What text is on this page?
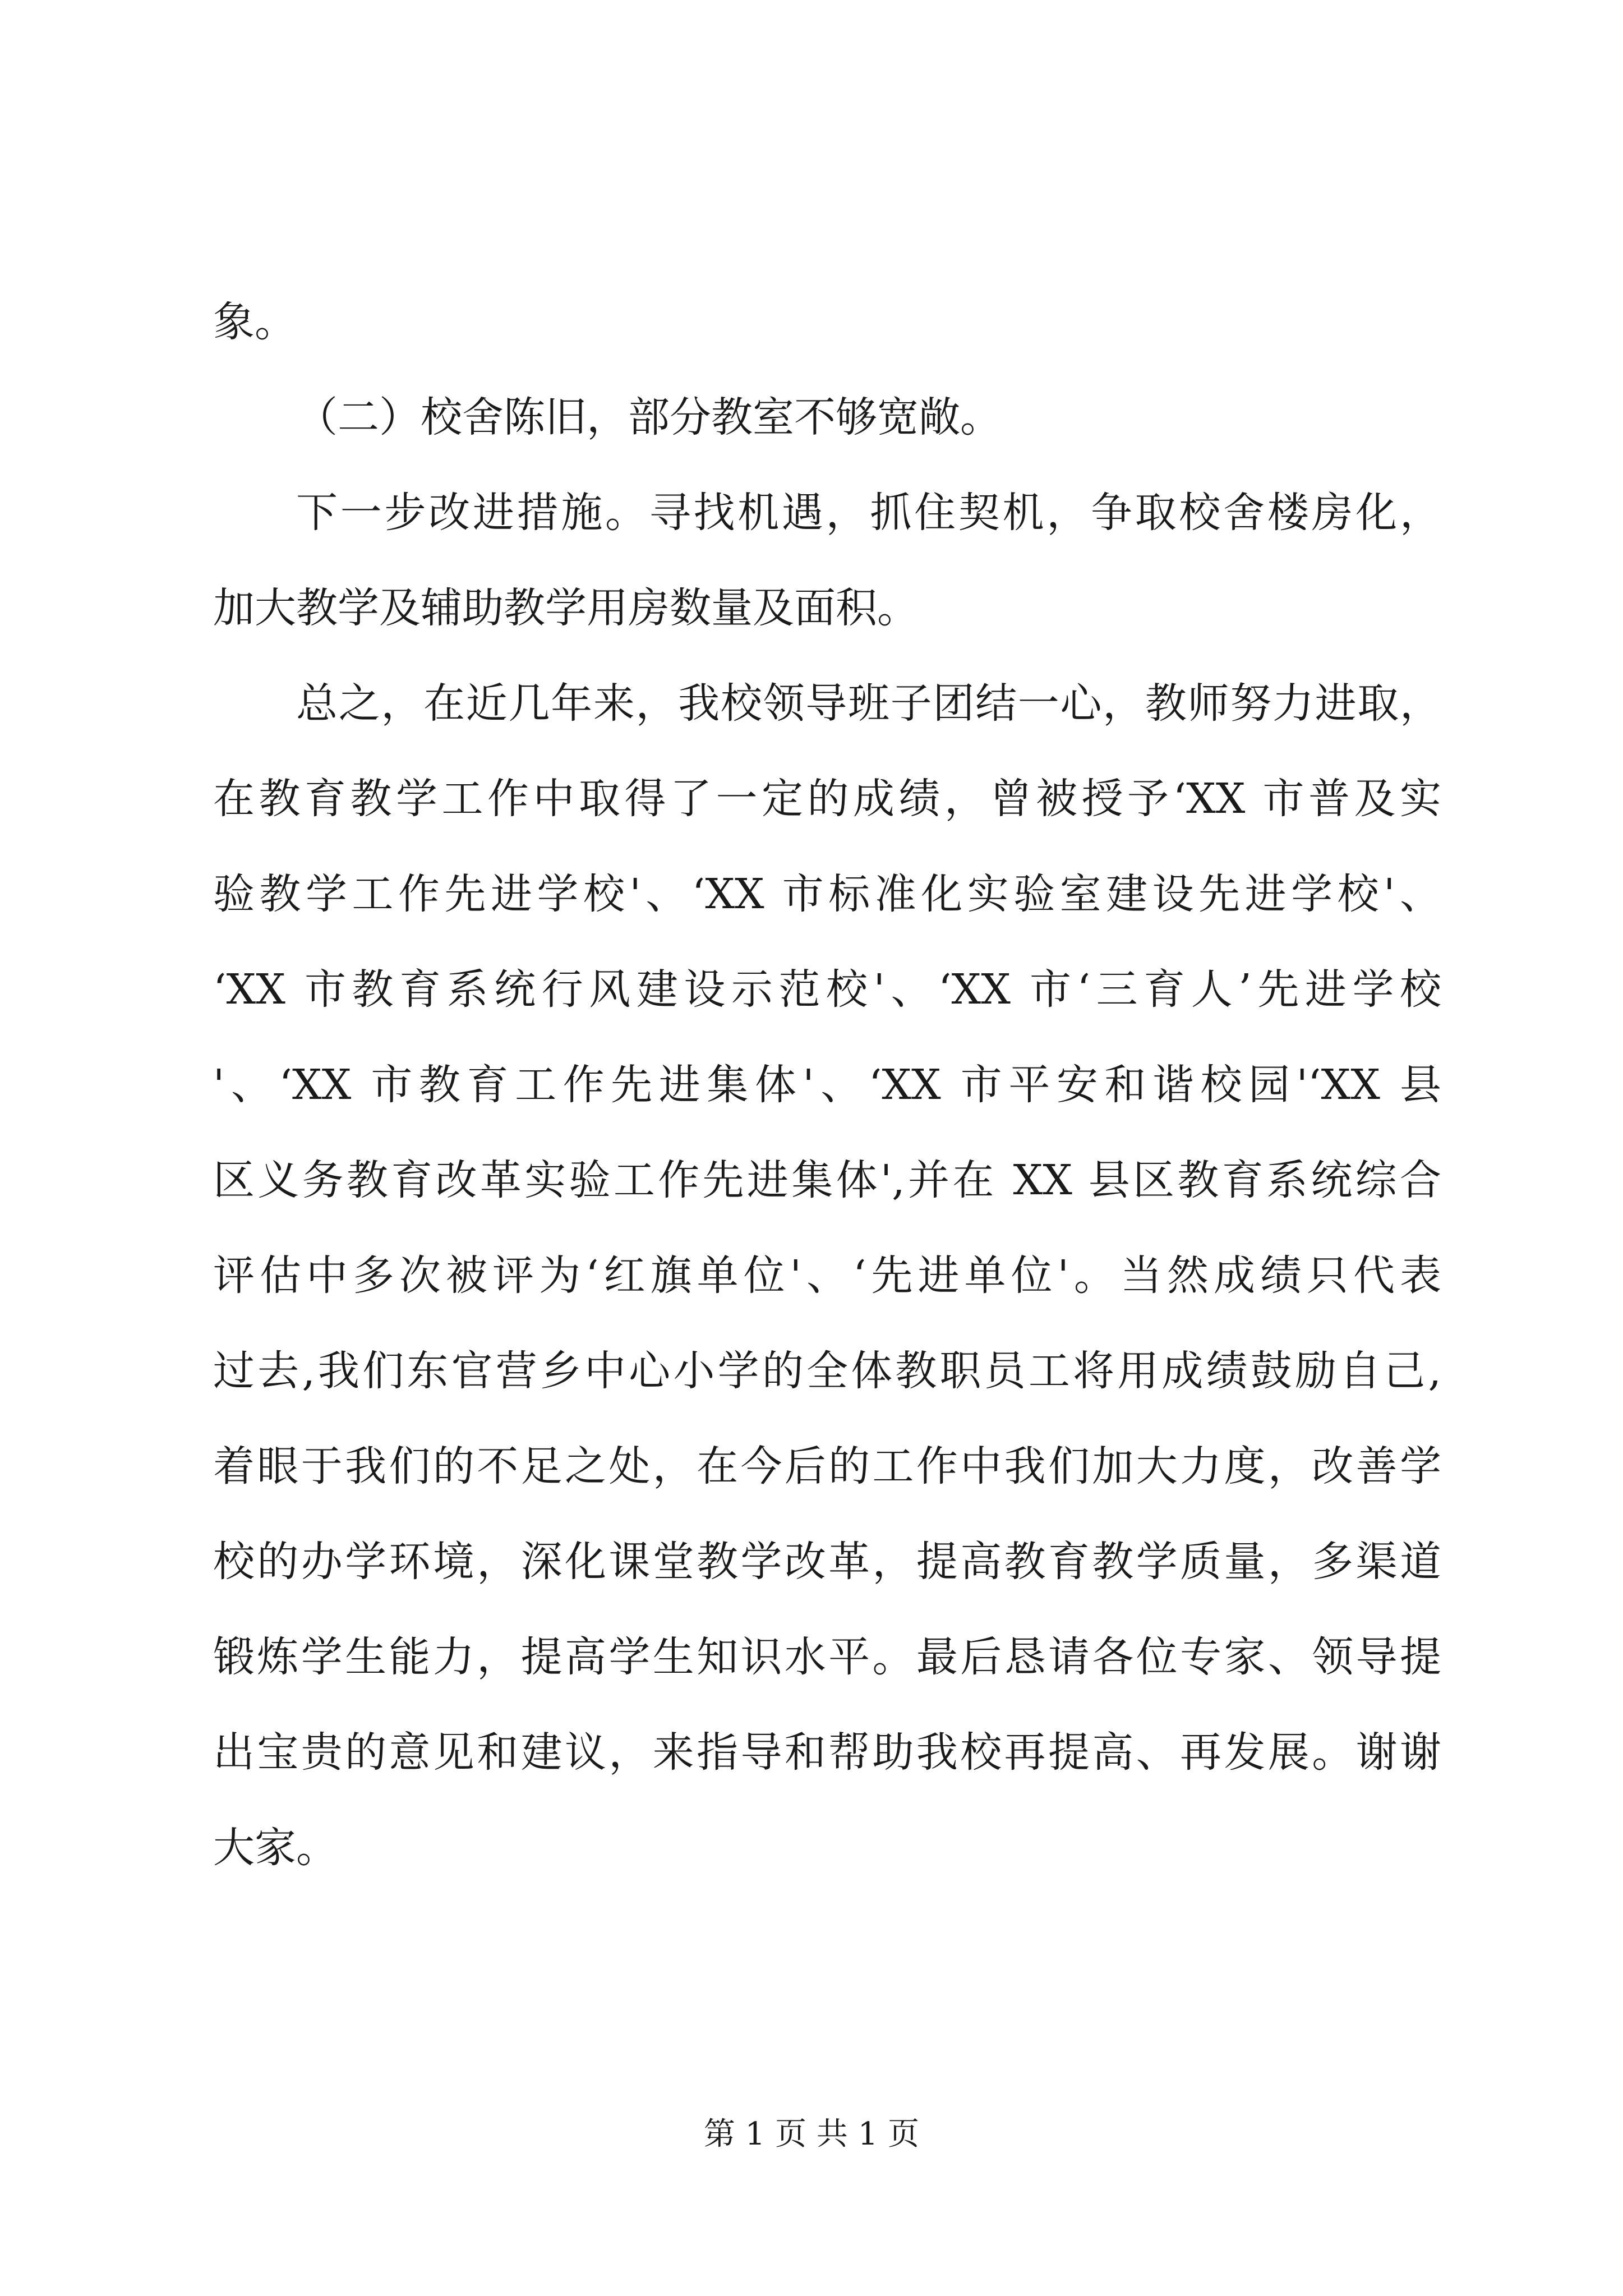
象。
（二）校舍陈旧，部分教室不够宽敞。
下一步改进措施。寻找机遇，抓住契机，争取校舍楼房化，
加大教学及辅助教学用房数量及面积。
总之，在近几年来，我校领导班子团结一心，教师努力进取，
在教育教学工作中取得了一定的成绩，曾被授予‘XX 市普及实
验教学工作先进学校'、‘XX 市标准化实验室建设先进学校'、
‘XX 市教育系统行风建设示范校'、‘XX 市‘三育人’先进学校
'、‘XX 市教育工作先进集体'、‘XX 市平安和谐校园'‘XX 县
区义务教育改革实验工作先进集体',并在 XX 县区教育系统综合
评估中多次被评为‘红旗单位'、‘先进单位'。当然成绩只代表
过去,我们东官营乡中心小学的全体教职员工将用成绩鼓励自己,
着眼于我们的不足之处，在今后的工作中我们加大力度，改善学
校的办学环境，深化课堂教学改革，提高教育教学质量，多渠道
锻炼学生能力，提高学生知识水平。最后恳请各位专家、领导提
出宝贵的意见和建议，来指导和帮助我校再提高、再发展。谢谢
大家。
第 1 页 共 1 页
